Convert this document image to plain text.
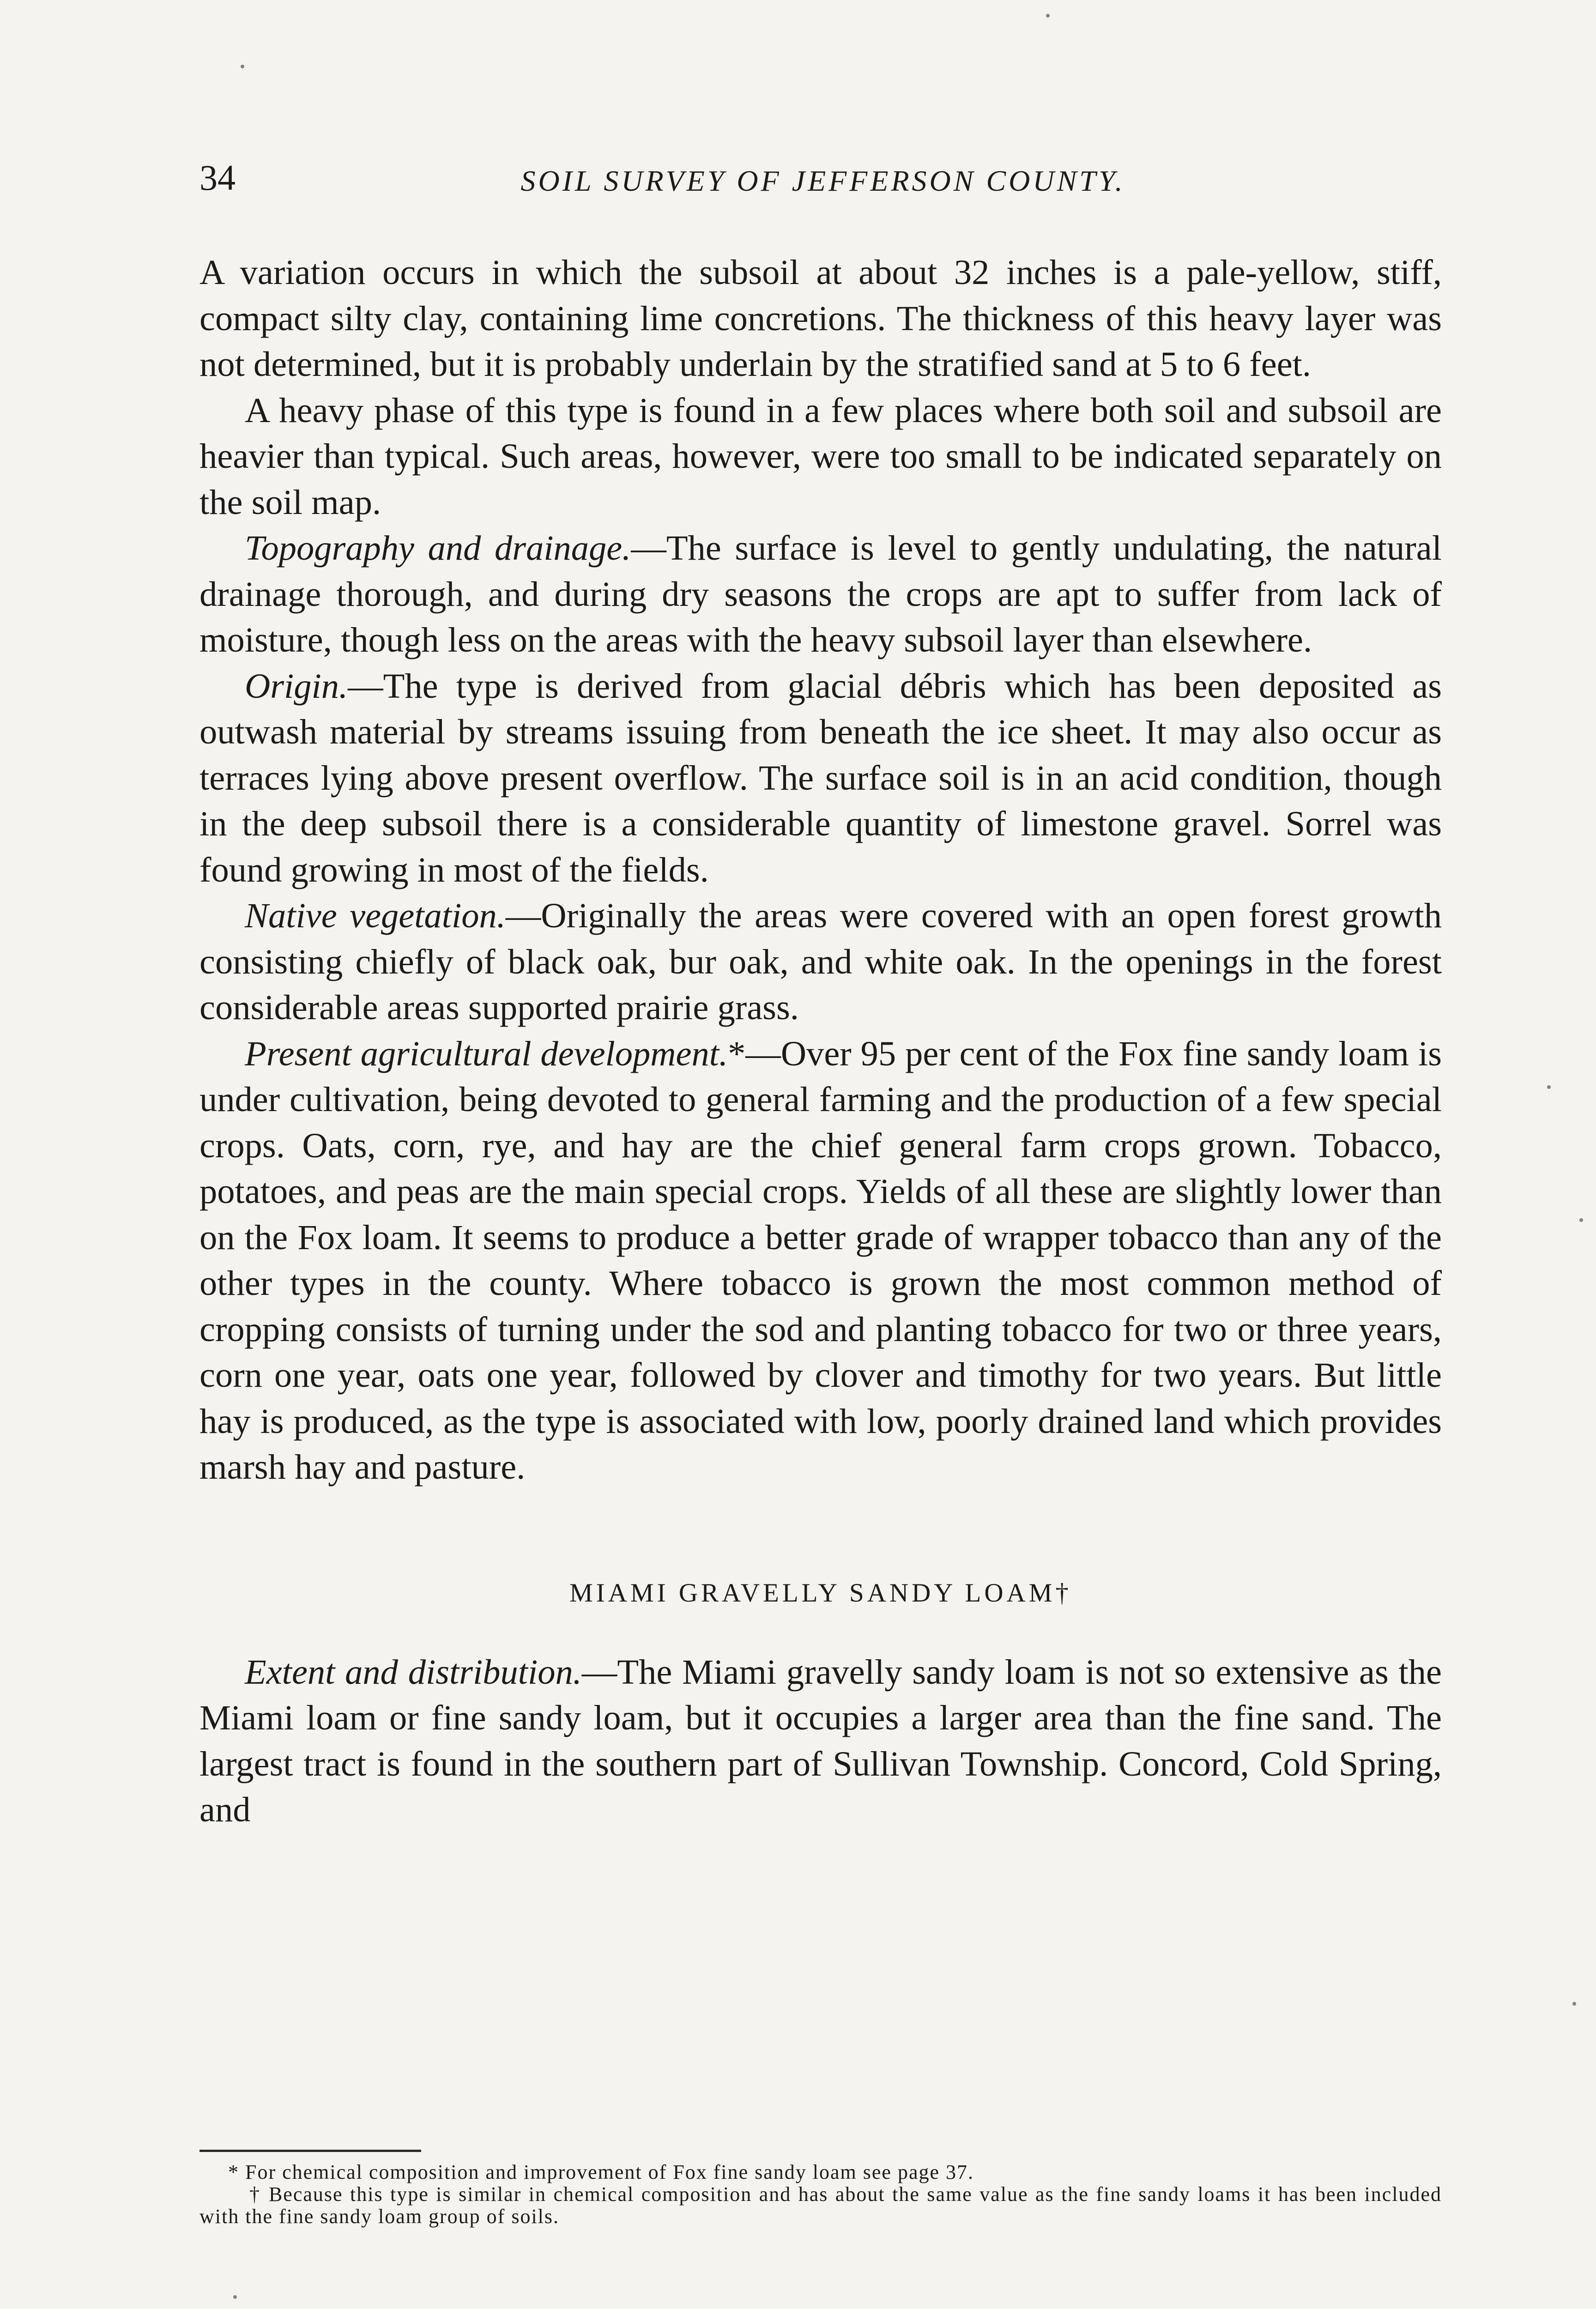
34	SOIL SURVEY OF JEFFERSON COUNTY.

A variation occurs in which the subsoil at about 32 inches is a pale-yellow, stiff, compact silty clay, containing lime concretions. The thickness of this heavy layer was not determined, but it is probably underlain by the stratified sand at 5 to 6 feet.

A heavy phase of this type is found in a few places where both soil and subsoil are heavier than typical. Such areas, however, were too small to be indicated separately on the soil map.

Topography and drainage.—The surface is level to gently undulating, the natural drainage thorough, and during dry seasons the crops are apt to suffer from lack of moisture, though less on the areas with the heavy subsoil layer than elsewhere.

Origin.—The type is derived from glacial débris which has been deposited as outwash material by streams issuing from beneath the ice sheet. It may also occur as terraces lying above present overflow. The surface soil is in an acid condition, though in the deep subsoil there is a considerable quantity of limestone gravel. Sorrel was found growing in most of the fields.

Native vegetation.—Originally the areas were covered with an open forest growth consisting chiefly of black oak, bur oak, and white oak. In the openings in the forest considerable areas supported prairie grass.

Present agricultural development.*—Over 95 per cent of the Fox fine sandy loam is under cultivation, being devoted to general farming and the production of a few special crops. Oats, corn, rye, and hay are the chief general farm crops grown. Tobacco, potatoes, and peas are the main special crops. Yields of all these are slightly lower than on the Fox loam. It seems to produce a better grade of wrapper tobacco than any of the other types in the county. Where tobacco is grown the most common method of cropping consists of turning under the sod and planting tobacco for two or three years, corn one year, oats one year, followed by clover and timothy for two years. But little hay is produced, as the type is associated with low, poorly drained land which provides marsh hay and pasture.

MIAMI GRAVELLY SANDY LOAM†

Extent and distribution.—The Miami gravelly sandy loam is not so extensive as the Miami loam or fine sandy loam, but it occupies a larger area than the fine sand. The largest tract is found in the southern part of Sullivan Township. Concord, Cold Spring, and

* For chemical composition and improvement of Fox fine sandy loam see page 37.

† Because this type is similar in chemical composition and has about the same value as the fine sandy loams it has been included with the fine sandy loam group of soils.
